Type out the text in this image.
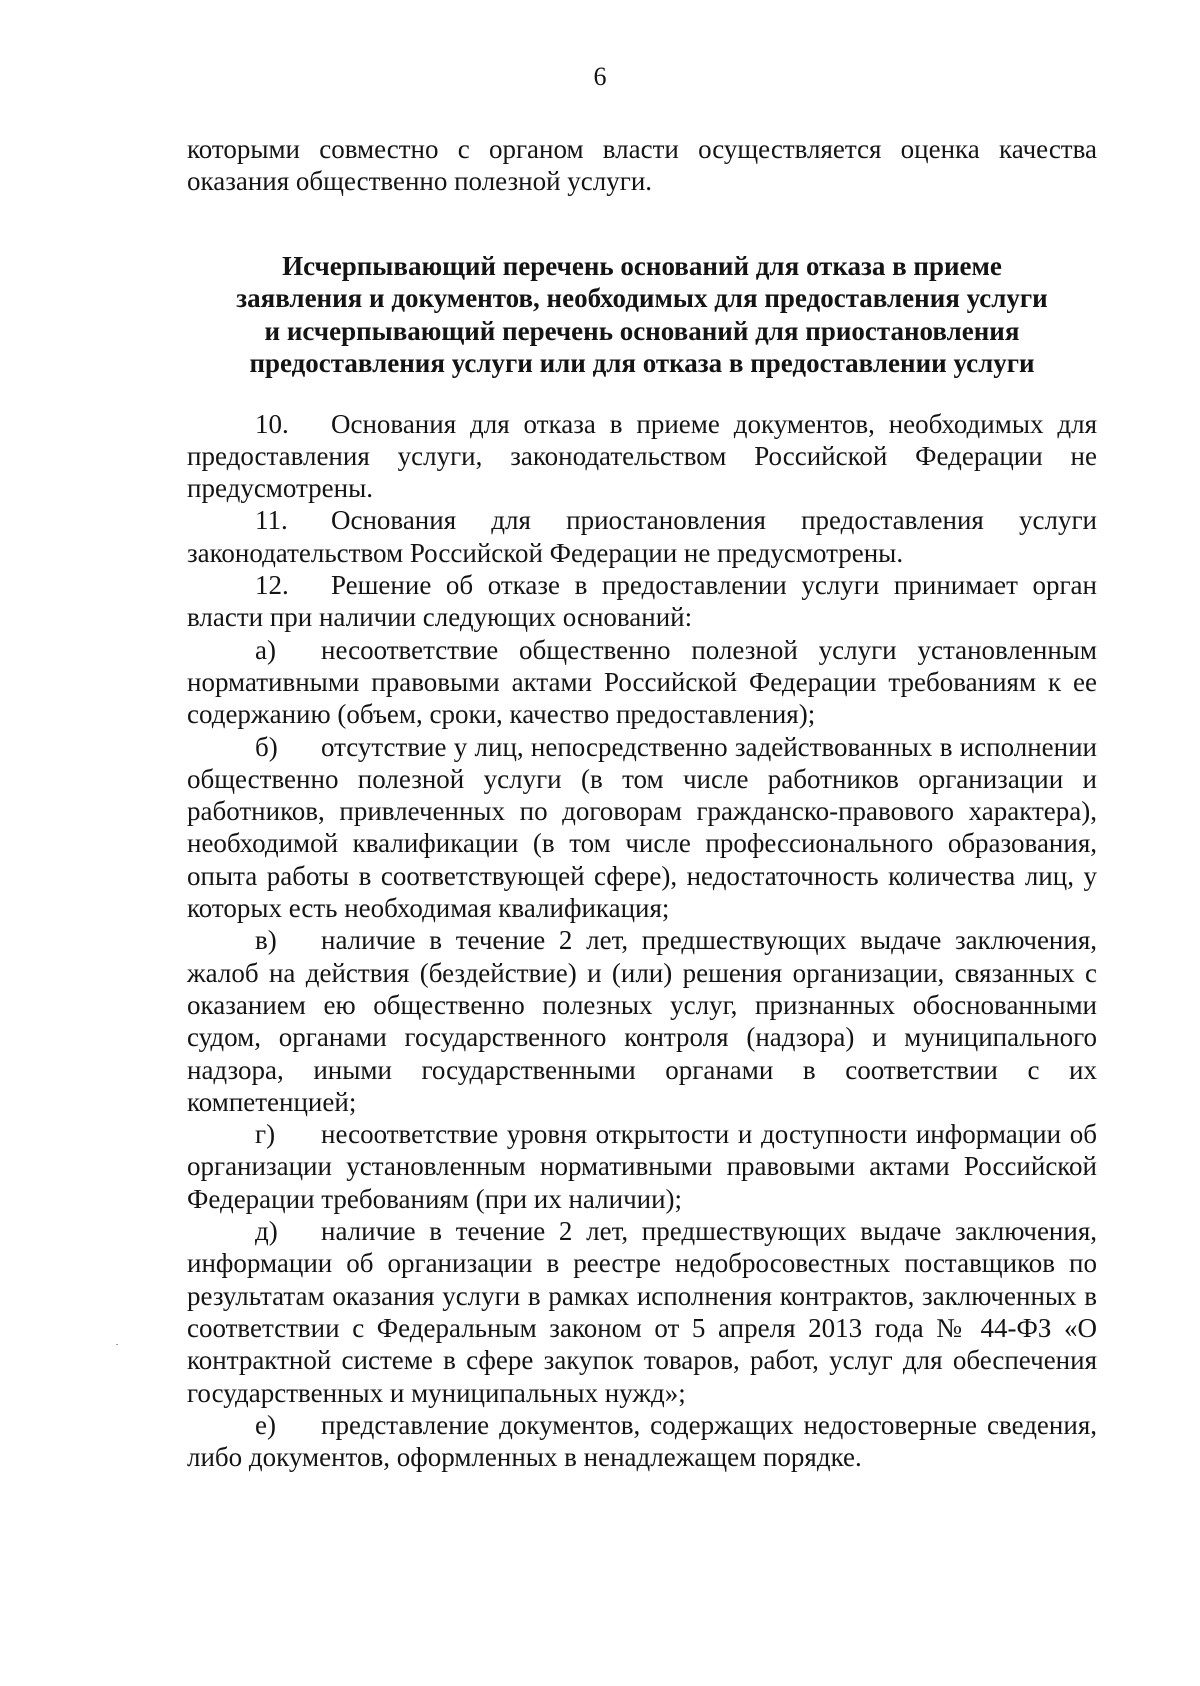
6

которыми совместно с органом власти осуществляется оценка качества оказания общественно полезной услуги.

Исчерпывающий перечень оснований для отказа в приеме
заявления и документов, необходимых для предоставления услуги
и исчерпывающий перечень оснований для приостановления
предоставления услуги или для отказа в предоставлении услуги

10. Основания для отказа в приеме документов, необходимых для предоставления услуги, законодательством Российской Федерации не предусмотрены.

11. Основания для приостановления предоставления услуги законодательством Российской Федерации не предусмотрены.

12. Решение об отказе в предоставлении услуги принимает орган власти при наличии следующих оснований:

а) несоответствие общественно полезной услуги установленным нормативными правовыми актами Российской Федерации требованиям к ее содержанию (объем, сроки, качество предоставления);

б) отсутствие у лиц, непосредственно задействованных в исполнении общественно полезной услуги (в том числе работников организации и работников, привлеченных по договорам гражданско-правового характера), необходимой квалификации (в том числе профессионального образования, опыта работы в соответствующей сфере), недостаточность количества лиц, у которых есть необходимая квалификация;

в) наличие в течение 2 лет, предшествующих выдаче заключения, жалоб на действия (бездействие) и (или) решения организации, связанных с оказанием ею общественно полезных услуг, признанных обоснованными судом, органами государственного контроля (надзора) и муниципального надзора, иными государственными органами в соответствии с их компетенцией;

г) несоответствие уровня открытости и доступности информации об организации установленным нормативными правовыми актами Российской Федерации требованиям (при их наличии);

д) наличие в течение 2 лет, предшествующих выдаче заключения, информации об организации в реестре недобросовестных поставщиков по результатам оказания услуги в рамках исполнения контрактов, заключенных в соответствии с Федеральным законом от 5 апреля 2013 года № 44-ФЗ «О контрактной системе в сфере закупок товаров, работ, услуг для обеспечения государственных и муниципальных нужд»;

е) представление документов, содержащих недостоверные сведения, либо документов, оформленных в ненадлежащем порядке.
